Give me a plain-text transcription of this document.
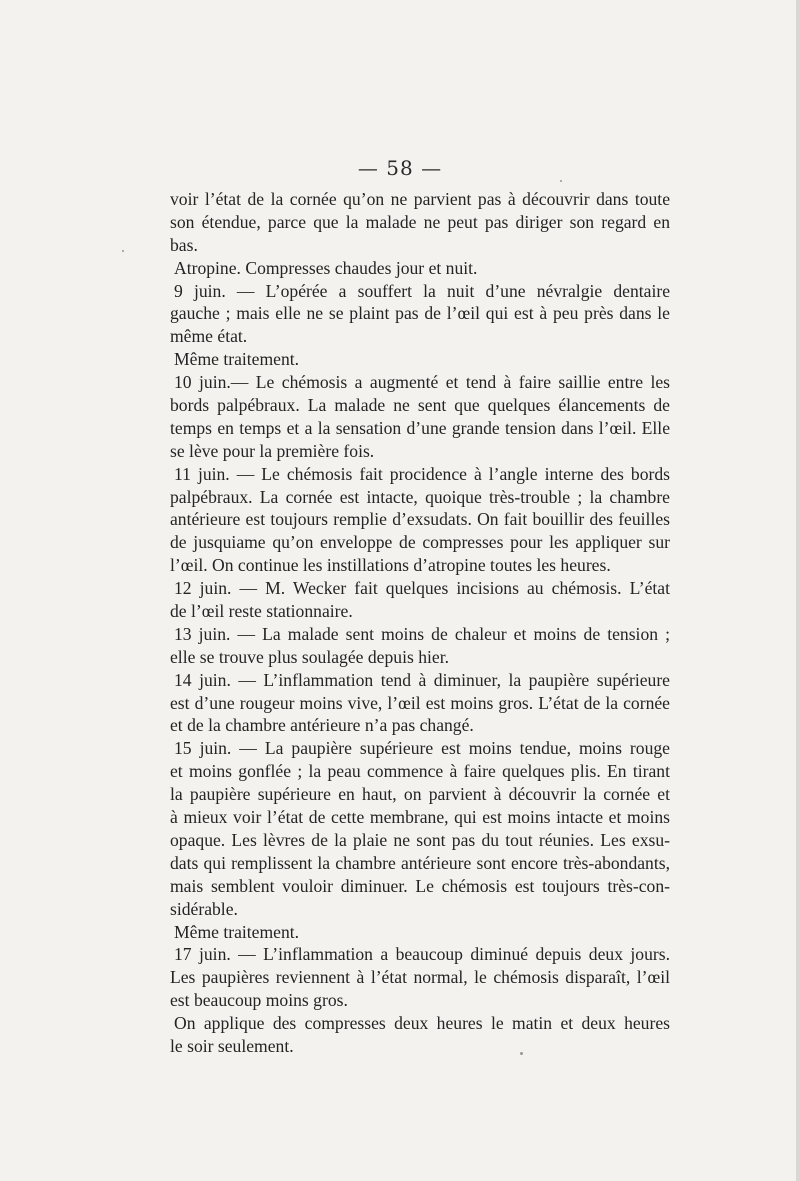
— 58 —
voir l’état de la cornée qu’on ne parvient pas à découvrir dans toute
son étendue, parce que la malade ne peut pas diriger son regard en
bas.
Atropine. Compresses chaudes jour et nuit.
9 juin. — L’opérée a souffert la nuit d’une névralgie dentaire
gauche ; mais elle ne se plaint pas de l’œil qui est à peu près dans le
même état.
Même traitement.
10 juin.— Le chémosis a augmenté et tend à faire saillie entre les
bords palpébraux. La malade ne sent que quelques élancements de
temps en temps et a la sensation d’une grande tension dans l’œil. Elle
se lève pour la première fois.
11 juin. — Le chémosis fait procidence à l’angle interne des bords
palpébraux. La cornée est intacte, quoique très-trouble ; la chambre
antérieure est toujours remplie d’exsudats. On fait bouillir des feuilles
de jusquiame qu’on enveloppe de compresses pour les appliquer sur
l’œil. On continue les instillations d’atropine toutes les heures.
12 juin. — M. Wecker fait quelques incisions au chémosis. L’état
de l’œil reste stationnaire.
13 juin. — La malade sent moins de chaleur et moins de tension ;
elle se trouve plus soulagée depuis hier.
14 juin. — L’inflammation tend à diminuer, la paupière supérieure
est d’une rougeur moins vive, l’œil est moins gros. L’état de la cornée
et de la chambre antérieure n’a pas changé.
15 juin. — La paupière supérieure est moins tendue, moins rouge
et moins gonflée ; la peau commence à faire quelques plis. En tirant
la paupière supérieure en haut, on parvient à découvrir la cornée et
à mieux voir l’état de cette membrane, qui est moins intacte et moins
opaque. Les lèvres de la plaie ne sont pas du tout réunies. Les exsu-
dats qui remplissent la chambre antérieure sont encore très-abondants,
mais semblent vouloir diminuer. Le chémosis est toujours très-con-
sidérable.
Même traitement.
17 juin. — L’inflammation a beaucoup diminué depuis deux jours.
Les paupières reviennent à l’état normal, le chémosis disparaît, l’œil
est beaucoup moins gros.
On applique des compresses deux heures le matin et deux heures
le soir seulement.
